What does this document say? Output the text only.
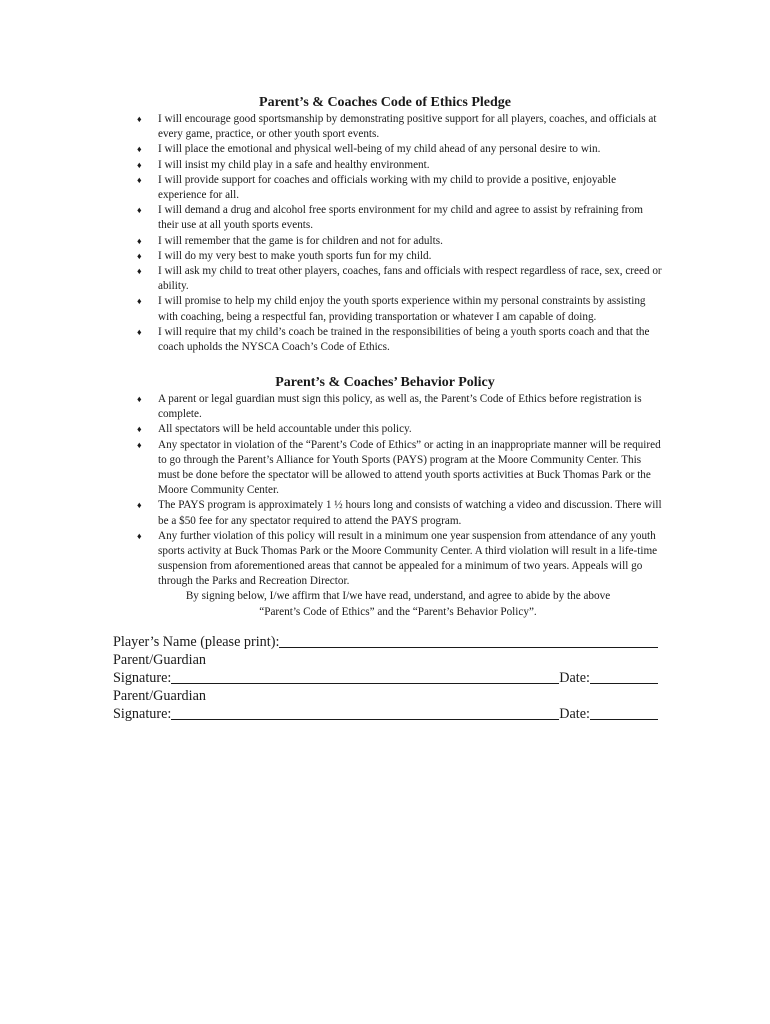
Parent’s & Coaches Code of Ethics Pledge
♦ I will encourage good sportsmanship by demonstrating positive support for all players, coaches, and officials at every game, practice, or other youth sport events.
♦ I will place the emotional and physical well-being of my child ahead of any personal desire to win.
♦ I will insist my child play in a safe and healthy environment.
♦ I will provide support for coaches and officials working with my child to provide a positive, enjoyable experience for all.
♦ I will demand a drug and alcohol free sports environment for my child and agree to assist by refraining from their use at all youth sports events.
♦ I will remember that the game is for children and not for adults.
♦ I will do my very best to make youth sports fun for my child.
♦ I will ask my child to treat other players, coaches, fans and officials with respect regardless of race, sex, creed or ability.
♦ I will promise to help my child enjoy the youth sports experience within my personal constraints by assisting with coaching, being a respectful fan, providing transportation or whatever I am capable of doing.
♦ I will require that my child’s coach be trained in the responsibilities of being a youth sports coach and that the coach upholds the NYSCA Coach’s Code of Ethics.
Parent’s & Coaches’ Behavior Policy
♦ A parent or legal guardian must sign this policy, as well as, the Parent’s Code of Ethics before registration is complete.
♦ All spectators will be held accountable under this policy.
♦ Any spectator in violation of the “Parent’s Code of Ethics” or acting in an inappropriate manner will be required to go through the Parent’s Alliance for Youth Sports (PAYS) program at the Moore Community Center. This must be done before the spectator will be allowed to attend youth sports activities at Buck Thomas Park or the Moore Community Center.
♦ The PAYS program is approximately 1 ½ hours long and consists of watching a video and discussion. There will be a $50 fee for any spectator required to attend the PAYS program.
♦ Any further violation of this policy will result in a minimum one year suspension from attendance of any youth sports activity at Buck Thomas Park or the Moore Community Center. A third violation will result in a life-time suspension from aforementioned areas that cannot be appealed for a minimum of two years. Appeals will go through the Parks and Recreation Director.
By signing below, I/we affirm that I/we have read, understand, and agree to abide by the above
“Parent’s Code of Ethics” and the “Parent’s Behavior Policy”.
Player’s Name (please print):
Parent/Guardian
Signature:	Date:
Parent/Guardian
Signature:	Date:
